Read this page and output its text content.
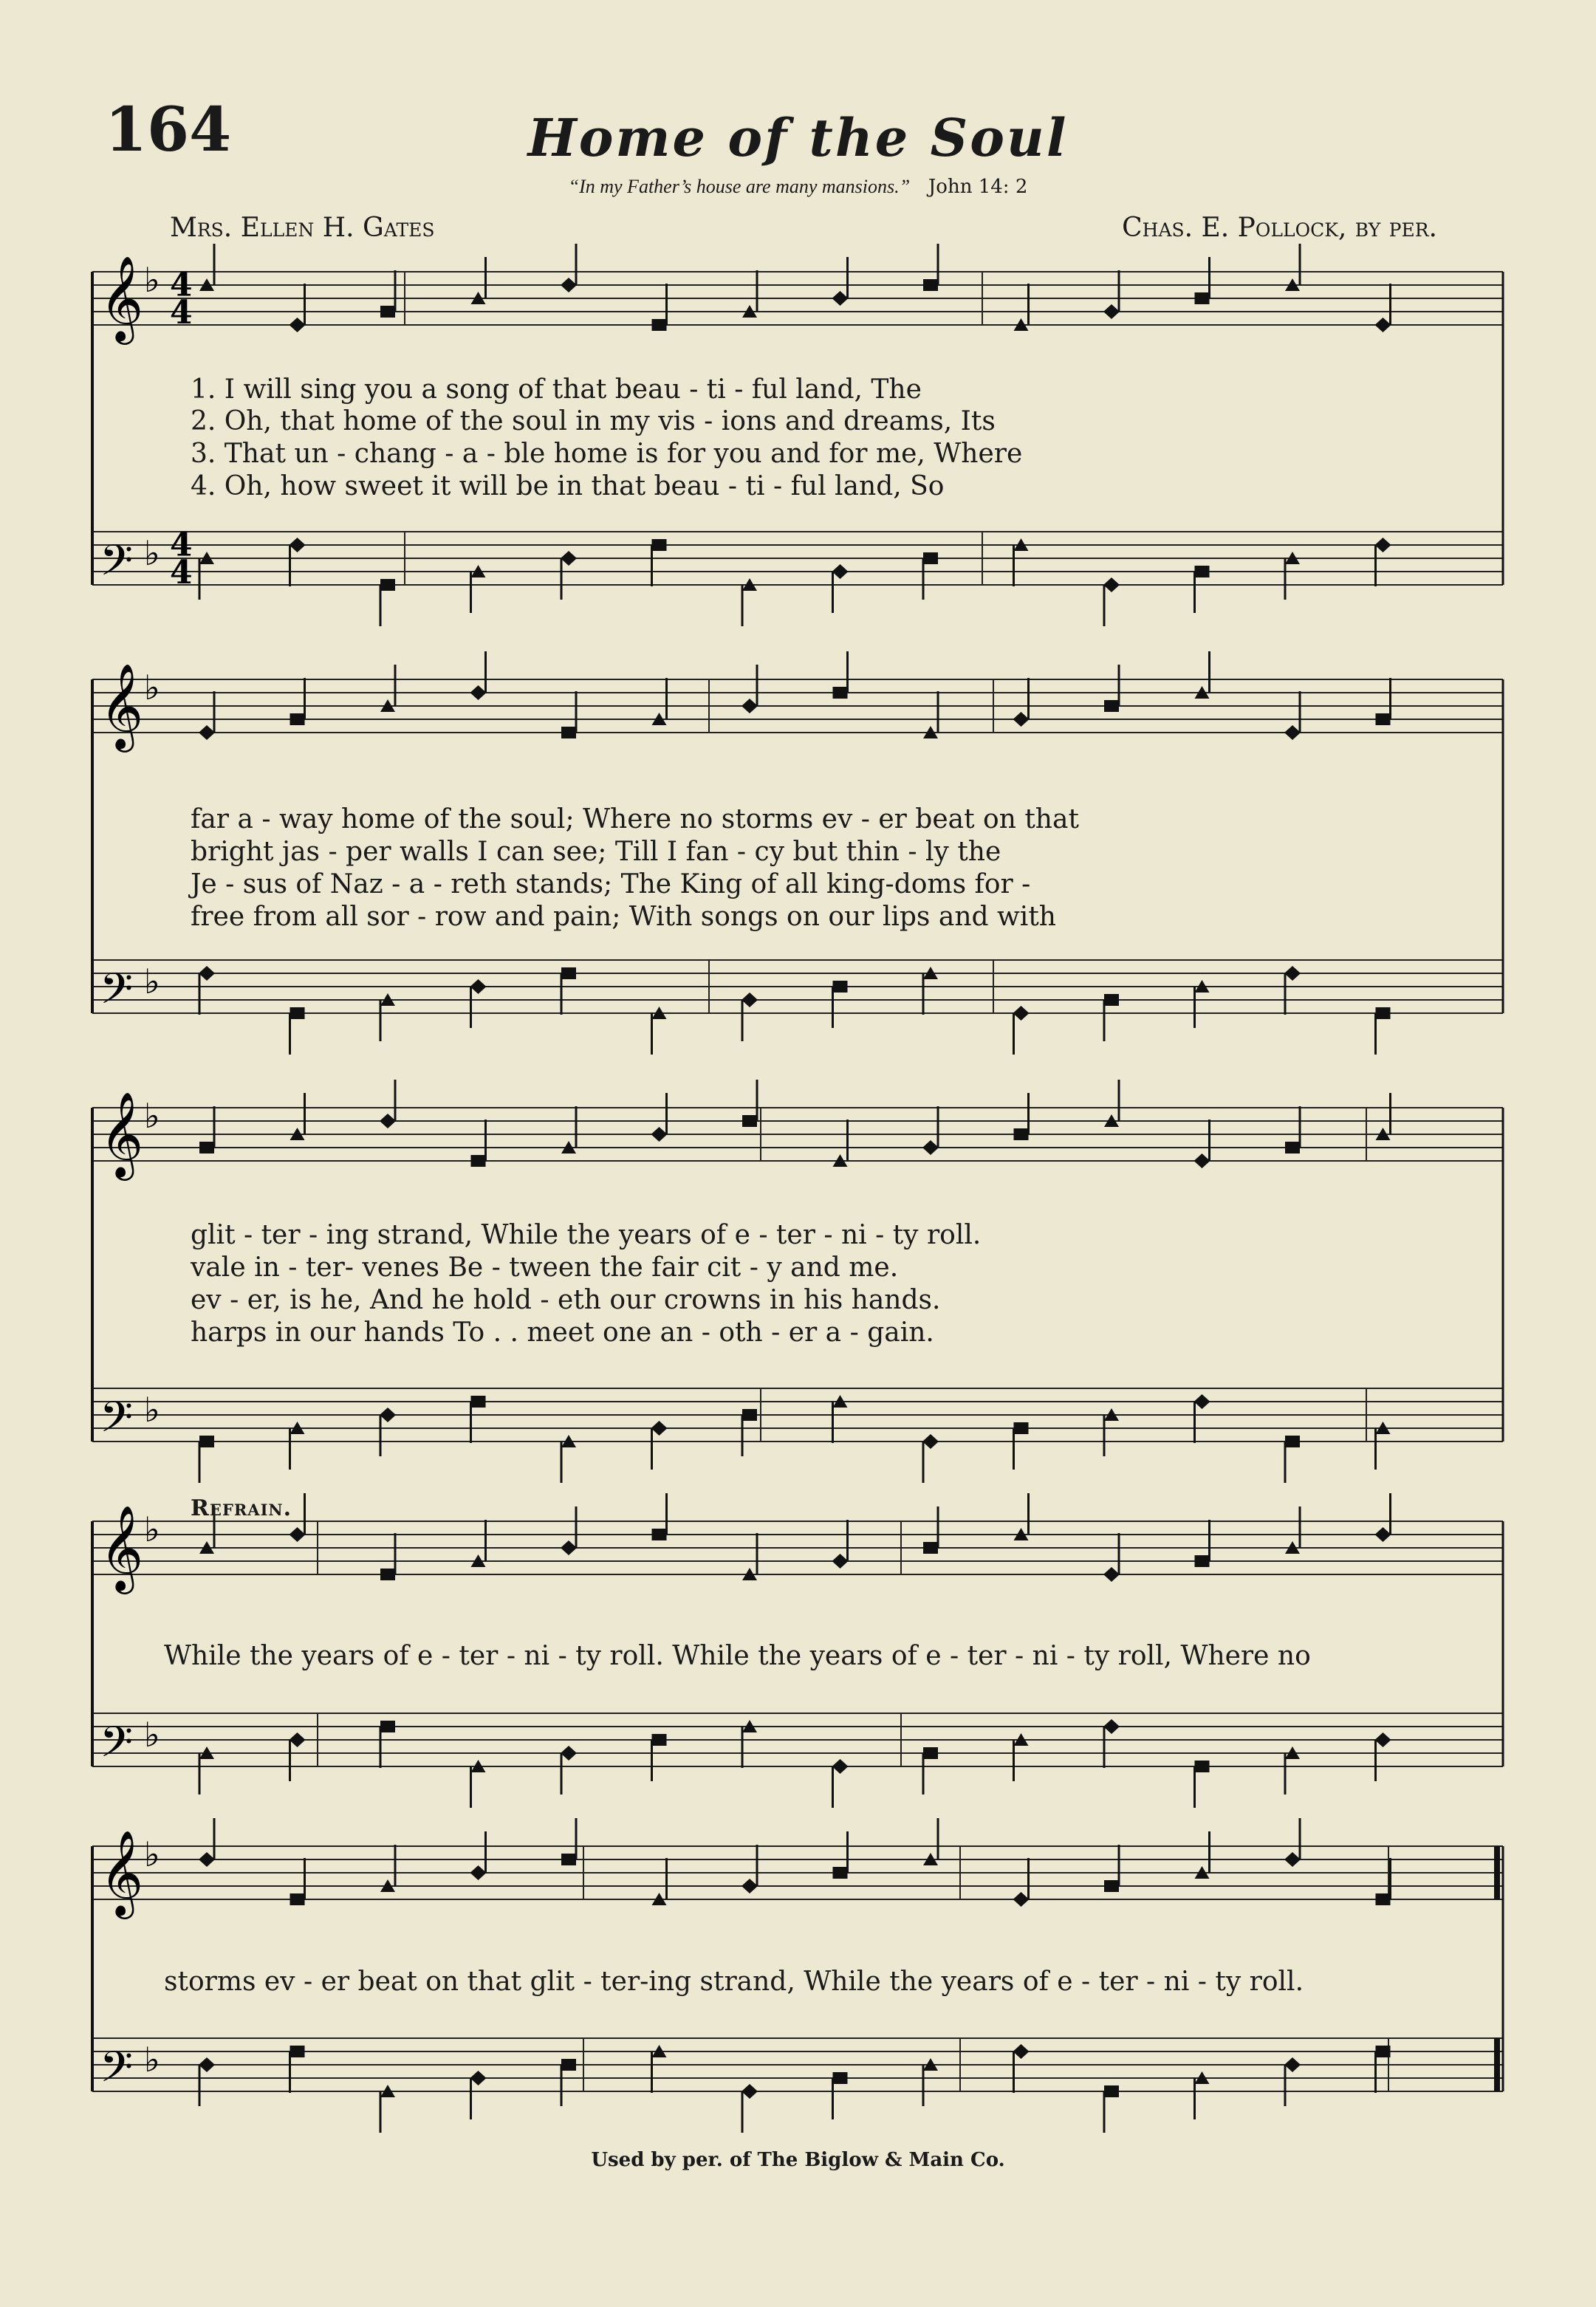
164	Home of the Soul
“In my Father’s house are many mansions.” John 14: 2
Mrs. Ellen H. Gates	Chas. E. Pollock, by per.
𝄞 ♭
𝄢 ♭
4
4
4
4
𝄞 ♭
𝄢 ♭
𝄞 ♭
𝄢 ♭
𝄞 ♭
𝄢 ♭
𝄞 ♭
𝄢 ♭
Refrain.
1. I will sing you a song of that beau - ti - ful land, The
2. Oh, that home of the soul in my vis - ions and dreams, Its
3. That un - chang - a - ble home is for you and for me, Where
4. Oh, how sweet it will be in that beau - ti - ful land, So
far a - way home of the soul; Where no storms ev - er beat on that
bright jas - per walls I can see; Till I fan - cy but thin - ly the
Je - sus of Naz - a - reth stands; The King of all king-doms for -
free from all sor - row and pain; With songs on our lips and with
glit - ter - ing strand, While the years of e - ter - ni - ty roll.
vale in - ter- venes Be - tween the fair cit - y and me.
ev - er, is he, And he hold - eth our crowns in his hands.
harps in our hands To . . meet one an - oth - er a - gain.
While the years of e - ter - ni - ty roll. While the years of e - ter - ni - ty roll, Where no
storms ev - er beat on that glit - ter-ing strand, While the years of e - ter - ni - ty roll.
Used by per. of The Biglow & Main Co.
